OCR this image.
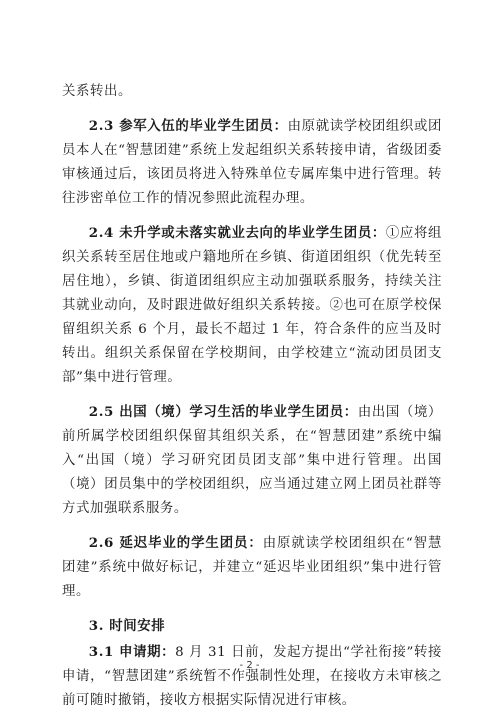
关系转出。

2.3 参军入伍的毕业学生团员：由原就读学校团组织或团员本人在“智慧团建”系统上发起组织关系转接申请，省级团委审核通过后，该团员将进入特殊单位专属库集中进行管理。转往涉密单位工作的情况参照此流程办理。

2.4 未升学或未落实就业去向的毕业学生团员：①应将组织关系转至居住地或户籍地所在乡镇、街道团组织（优先转至居住地），乡镇、街道团组织应主动加强联系服务，持续关注其就业动向，及时跟进做好组织关系转接。②也可在原学校保留组织关系 6 个月，最长不超过 1 年，符合条件的应当及时转出。组织关系保留在学校期间，由学校建立“流动团员团支部”集中进行管理。

2.5 出国（境）学习生活的毕业学生团员：由出国（境）前所属学校团组织保留其组织关系，在“智慧团建”系统中编入“出国（境）学习研究团员团支部”集中进行管理。出国（境）团员集中的学校团组织，应当通过建立网上团员社群等方式加强联系服务。

2.6 延迟毕业的学生团员：由原就读学校团组织在“智慧团建”系统中做好标记，并建立“延迟毕业团组织”集中进行管理。

3. 时间安排

3.1 申请期：8 月 31 日前，发起方提出“学社衔接”转接申请，“智慧团建”系统暂不作强制性处理，在接收方未审核之前可随时撤销，接收方根据实际情况进行审核。

- 2 -
